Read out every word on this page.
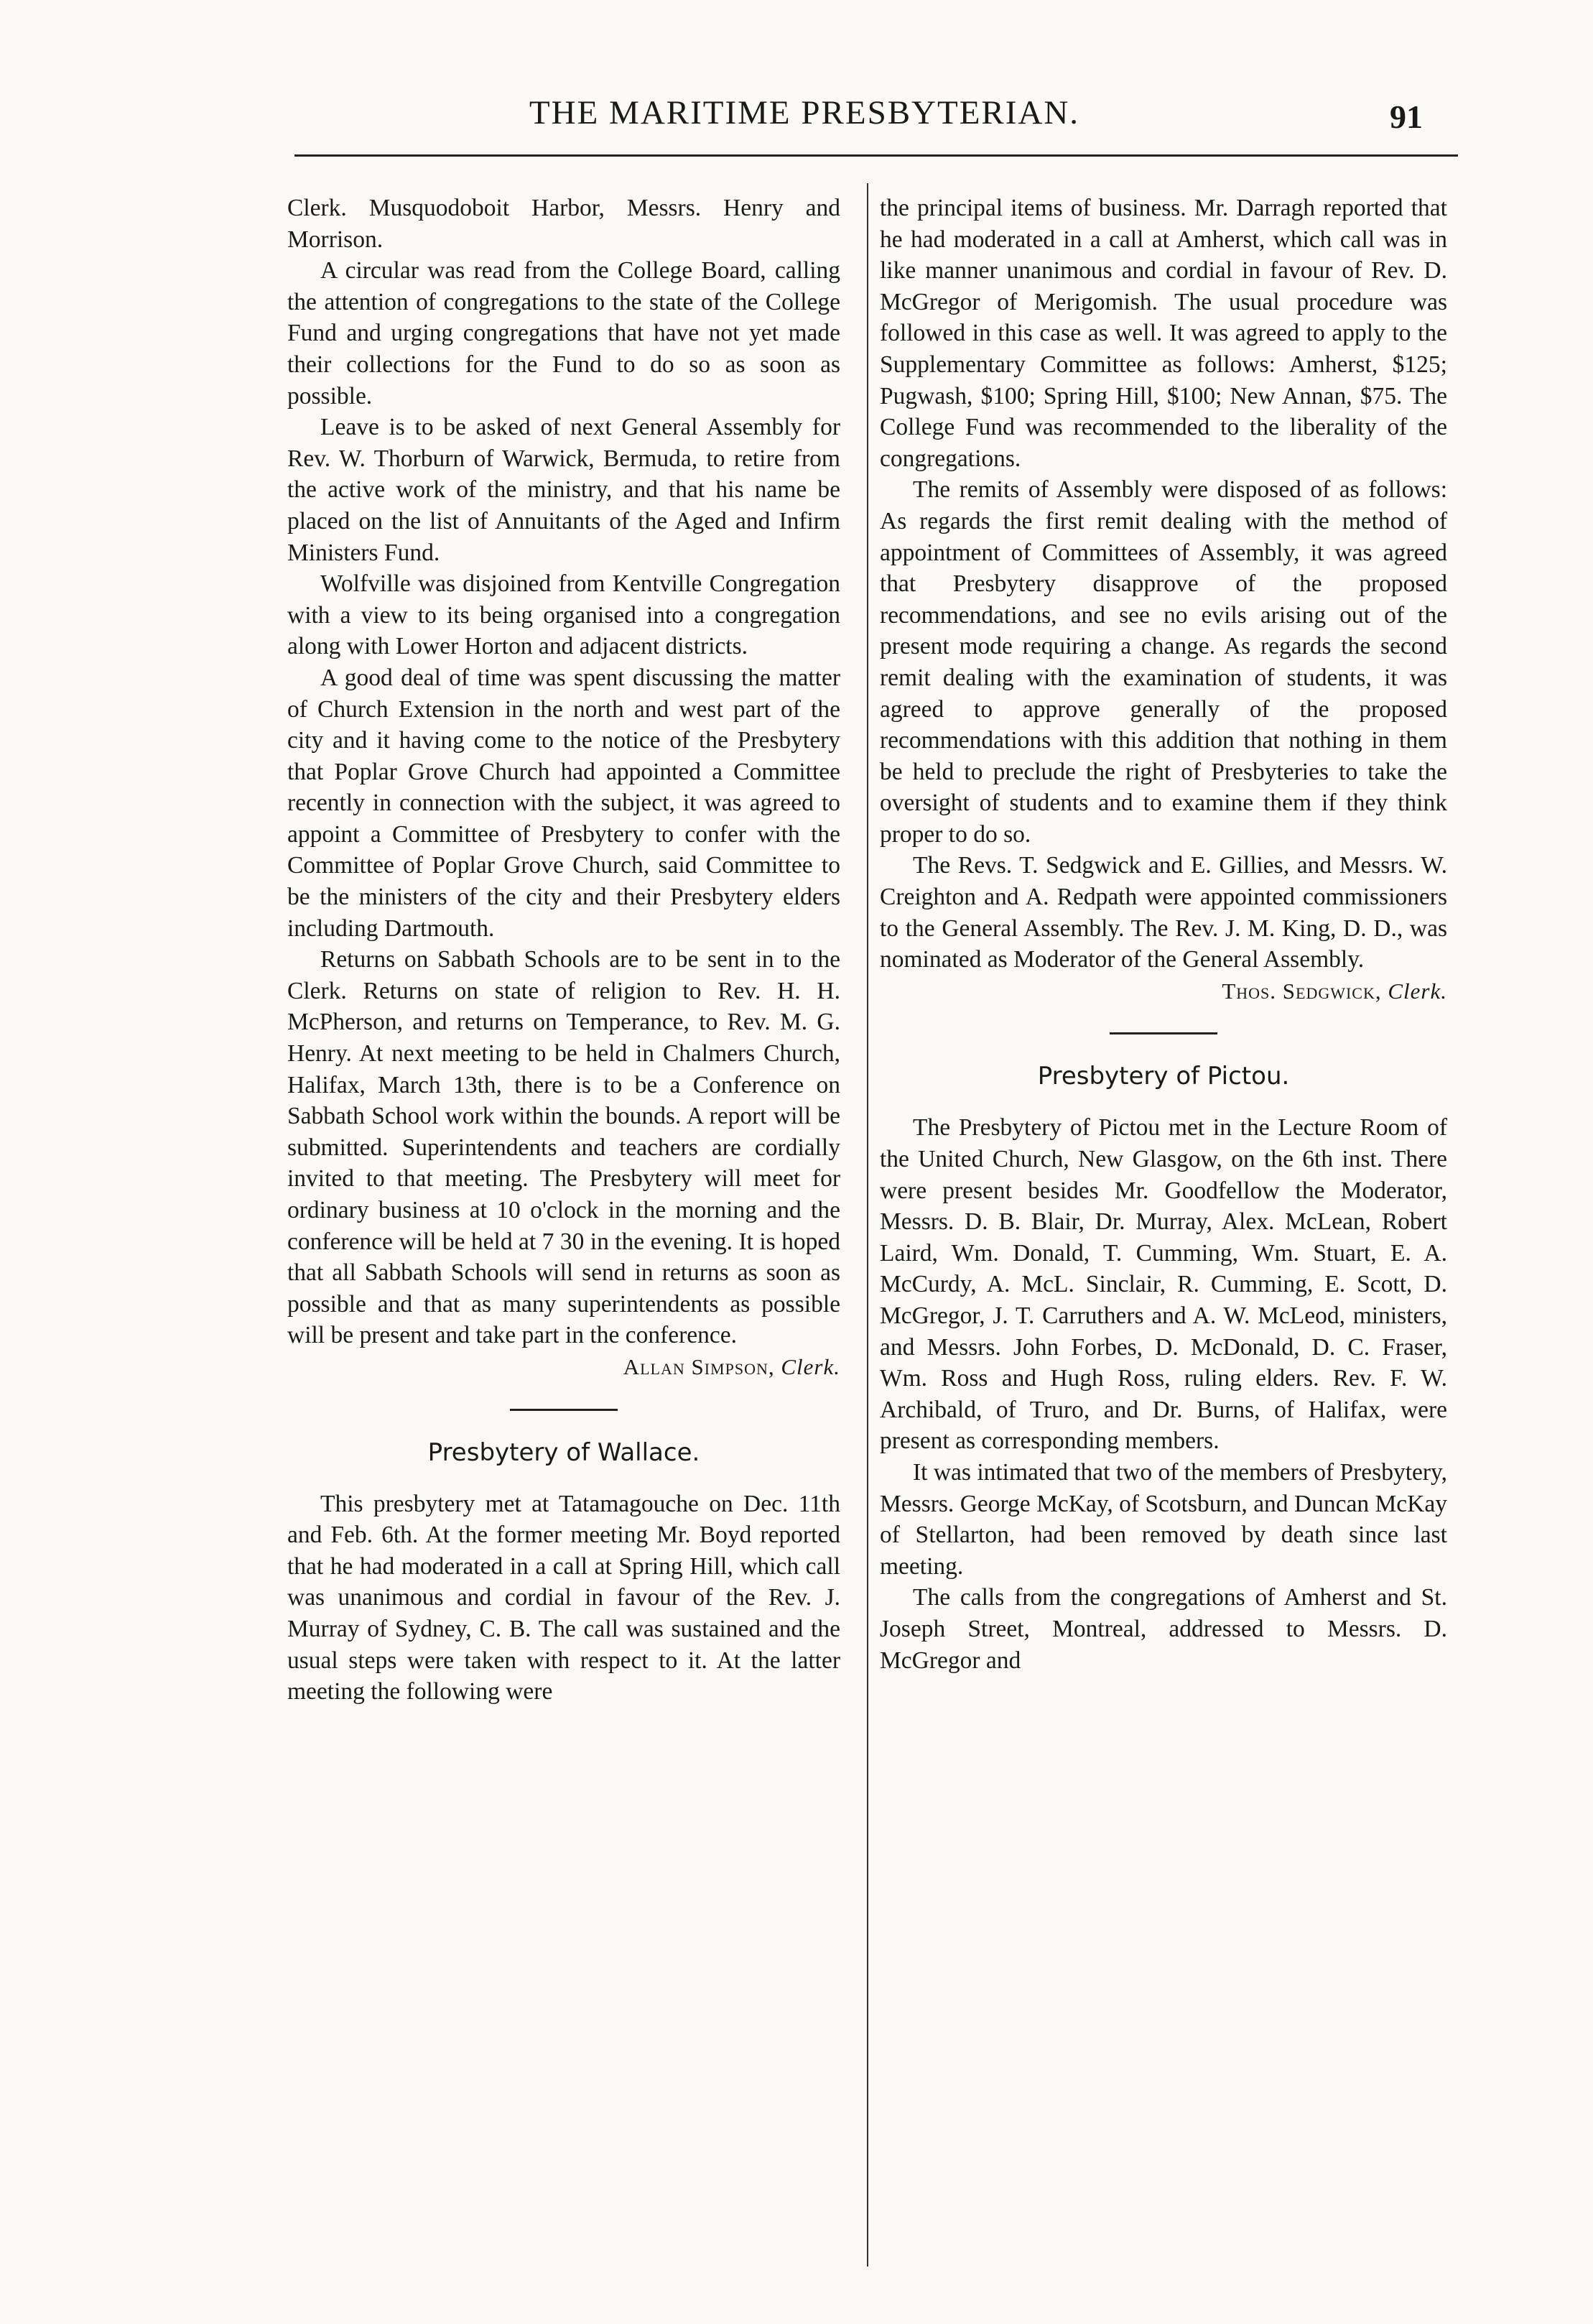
THE MARITIME PRESBYTERIAN.	91

Clerk. Musquodoboit Harbor, Messrs. Henry and Morrison.

A circular was read from the College Board, calling the attention of congregations to the state of the College Fund and urging congregations that have not yet made their collections for the Fund to do so as soon as possible.

Leave is to be asked of next General Assembly for Rev. W. Thorburn of Warwick, Bermuda, to retire from the active work of the ministry, and that his name be placed on the list of Annuitants of the Aged and Infirm Ministers Fund.

Wolfville was disjoined from Kentville Congregation with a view to its being organised into a congregation along with Lower Horton and adjacent districts.

A good deal of time was spent discussing the matter of Church Extension in the north and west part of the city and it having come to the notice of the Presbytery that Poplar Grove Church had appointed a Committee recently in connection with the subject, it was agreed to appoint a Committee of Presbytery to confer with the Committee of Poplar Grove Church, said Committee to be the ministers of the city and their Presbytery elders including Dartmouth.

Returns on Sabbath Schools are to be sent in to the Clerk. Returns on state of religion to Rev. H. H. McPherson, and returns on Temperance, to Rev. M. G. Henry. At next meeting to be held in Chalmers Church, Halifax, March 13th, there is to be a Conference on Sabbath School work within the bounds. A report will be submitted. Superintendents and teachers are cordially invited to that meeting. The Presbytery will meet for ordinary business at 10 o'clock in the morning and the conference will be held at 7 30 in the evening. It is hoped that all Sabbath Schools will send in returns as soon as possible and that as many superintendents as possible will be present and take part in the conference.

Allan Simpson, Clerk.

Presbytery of Wallace.

This presbytery met at Tatamagouche on Dec. 11th and Feb. 6th. At the former meeting Mr. Boyd reported that he had moderated in a call at Spring Hill, which call was unanimous and cordial in favour of the Rev. J. Murray of Sydney, C. B. The call was sustained and the usual steps were taken with respect to it. At the latter meeting the following were

the principal items of business. Mr. Darragh reported that he had moderated in a call at Amherst, which call was in like manner unanimous and cordial in favour of Rev. D. McGregor of Merigomish. The usual procedure was followed in this case as well. It was agreed to apply to the Supplementary Committee as follows: Amherst, $125; Pugwash, $100; Spring Hill, $100; New Annan, $75. The College Fund was recommended to the liberality of the congregations.

The remits of Assembly were disposed of as follows: As regards the first remit dealing with the method of appointment of Committees of Assembly, it was agreed that Presbytery disapprove of the proposed recommendations, and see no evils arising out of the present mode requiring a change. As regards the second remit dealing with the examination of students, it was agreed to approve generally of the proposed recommendations with this addition that nothing in them be held to preclude the right of Presbyteries to take the oversight of students and to examine them if they think proper to do so.

The Revs. T. Sedgwick and E. Gillies, and Messrs. W. Creighton and A. Redpath were appointed commissioners to the General Assembly. The Rev. J. M. King, D. D., was nominated as Moderator of the General Assembly.

Thos. Sedgwick, Clerk.

Presbytery of Pictou.

The Presbytery of Pictou met in the Lecture Room of the United Church, New Glasgow, on the 6th inst. There were present besides Mr. Goodfellow the Moderator, Messrs. D. B. Blair, Dr. Murray, Alex. McLean, Robert Laird, Wm. Donald, T. Cumming, Wm. Stuart, E. A. McCurdy, A. McL. Sinclair, R. Cumming, E. Scott, D. McGregor, J. T. Carruthers and A. W. McLeod, ministers, and Messrs. John Forbes, D. McDonald, D. C. Fraser, Wm. Ross and Hugh Ross, ruling elders. Rev. F. W. Archibald, of Truro, and Dr. Burns, of Halifax, were present as corresponding members.

It was intimated that two of the members of Presbytery, Messrs. George McKay, of Scotsburn, and Duncan McKay of Stellarton, had been removed by death since last meeting.

The calls from the congregations of Amherst and St. Joseph Street, Montreal, addressed to Messrs. D. McGregor and
